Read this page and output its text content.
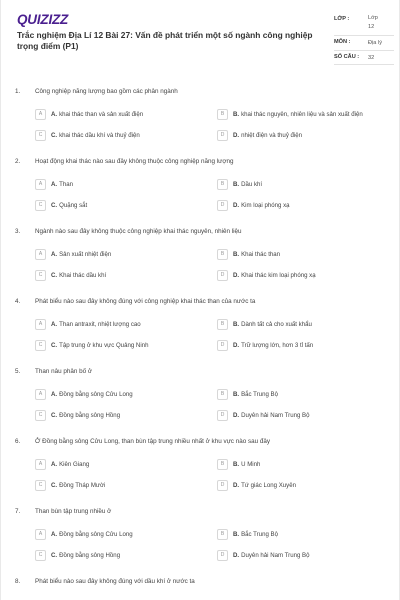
QUIZIZZ
Trắc nghiệm Địa Lí 12 Bài 27: Vấn đề phát triển một số ngành công nghiệp trọng điểm (P1)
LỚP :	Lớp 12
MÔN :	Địa lý
SỐ CÂU : 32
1. Công nghiệp năng lượng bao gồm các phân ngành
A	A. khai thác than và sản xuất điện	B	B. khai thác nguyên, nhiên liệu và sản xuất điện
C	C. khai thác dầu khí và thuỷ điện	D	D. nhiệt điện và thuỷ điện
2. Hoạt động khai thác nào sau đây không thuộc công nghiệp năng lượng
A	A. Than	B	B. Dầu khí
C	C. Quặng sắt	D	D. Kim loại phóng xạ
3. Ngành nào sau đây không thuộc công nghiệp khai thác nguyên, nhiên liệu
A	A. Sản xuất nhiệt điện	B	B. Khai thác than
C	C. Khai thác dầu khí	D	D. Khai thác kim loại phóng xạ
4. Phát biểu nào sau đây không đúng với công nghiệp khai thác than của nước ta
A	A. Than antraxit, nhiệt lượng cao	B	B. Dành tất cả cho xuất khẩu
C	C. Tập trung ở khu vực Quảng Ninh	D	D. Trữ lượng lớn, hơn 3 tỉ tấn
5. Than nâu phân bố ở
A	A. Đồng bằng sông Cửu Long	B	B. Bắc Trung Bộ
C	C. Đồng bằng sông Hồng	D	D. Duyên hải Nam Trung Bộ
6. Ở Đồng bằng sông Cửu Long, than bùn tập trung nhiều nhất ở khu vực nào sau đây
A	A. Kiên Giang	B	B. U Minh
C	C. Đồng Tháp Mười	D	D. Tứ giác Long Xuyên
7. Than bùn tập trung nhiều ở
A	A. Đồng bằng sông Cửu Long	B	B. Bắc Trung Bộ
C	C. Đồng bằng sông Hồng	D	D. Duyên hải Nam Trung Bộ
8. Phát biểu nào sau đây không đúng với dầu khí ở nước ta
